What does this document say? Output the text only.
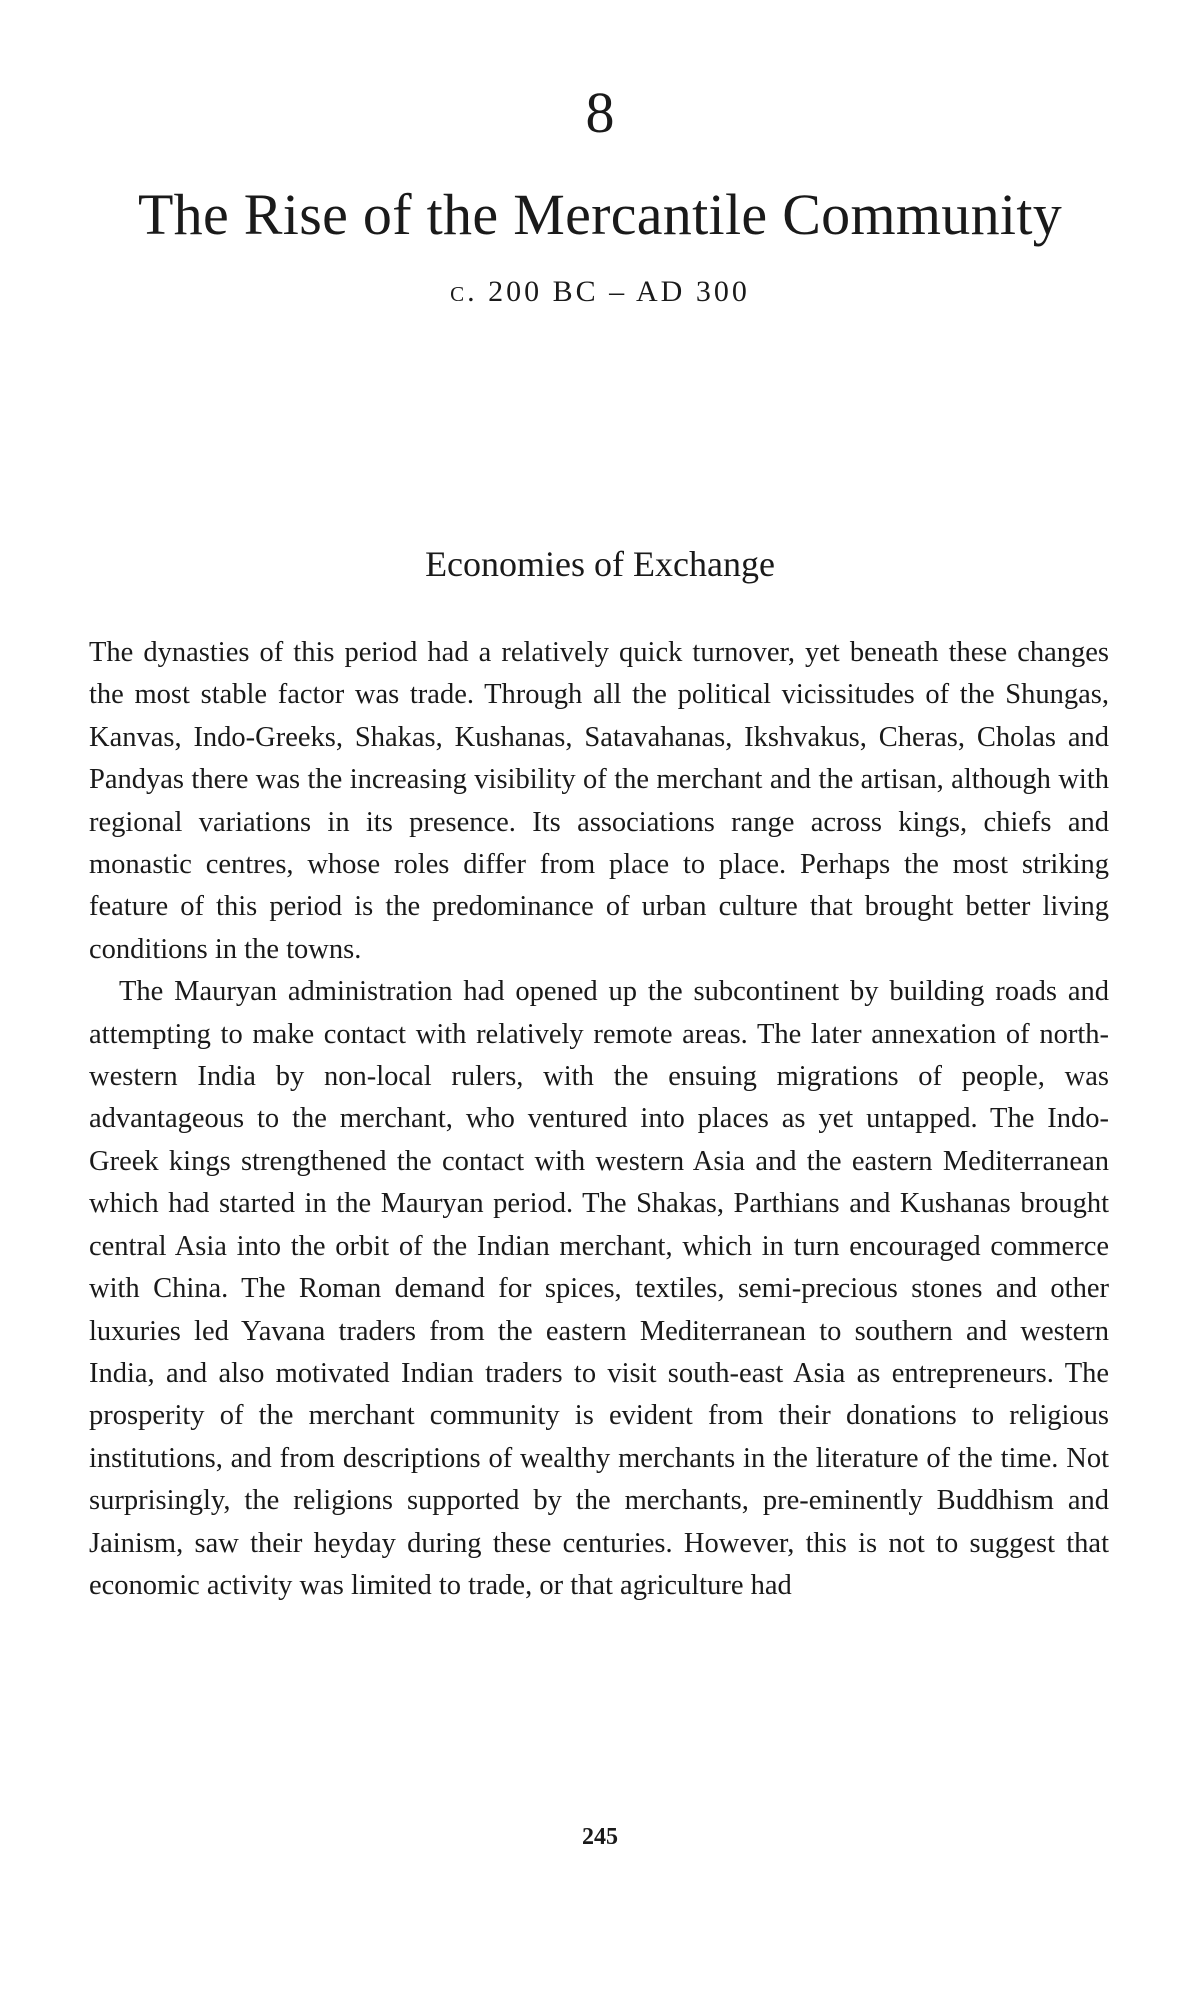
8
The Rise of the Mercantile Community
c. 200 BC – AD 300
Economies of Exchange

The dynasties of this period had a relatively quick turnover, yet beneath these changes the most stable factor was trade. Through all the political vicissitudes of the Shungas, Kanvas, Indo-Greeks, Shakas, Kushanas, Satavahanas, Ikshvakus, Cheras, Cholas and Pandyas there was the increasing visibility of the merchant and the artisan, although with regional variations in its presence. Its associations range across kings, chiefs and monastic centres, whose roles differ from place to place. Perhaps the most striking feature of this period is the predominance of urban culture that brought better living conditions in the towns.

The Mauryan administration had opened up the subcontinent by building roads and attempting to make contact with relatively remote areas. The later annexation of north-western India by non-local rulers, with the ensuing migrations of people, was advantageous to the merchant, who ventured into places as yet untapped. The Indo-Greek kings strengthened the contact with western Asia and the eastern Mediterranean which had started in the Mauryan period. The Shakas, Parthians and Kushanas brought central Asia into the orbit of the Indian merchant, which in turn encouraged commerce with China. The Roman demand for spices, textiles, semi-precious stones and other luxuries led Yavana traders from the eastern Mediterranean to southern and western India, and also motivated Indian traders to visit south-east Asia as entrepreneurs. The prosperity of the merchant community is evident from their donations to religious institutions, and from descriptions of wealthy merchants in the literature of the time. Not surprisingly, the religions supported by the merchants, pre-eminently Buddhism and Jainism, saw their heyday during these centuries. However, this is not to suggest that economic activity was limited to trade, or that agriculture had

245
